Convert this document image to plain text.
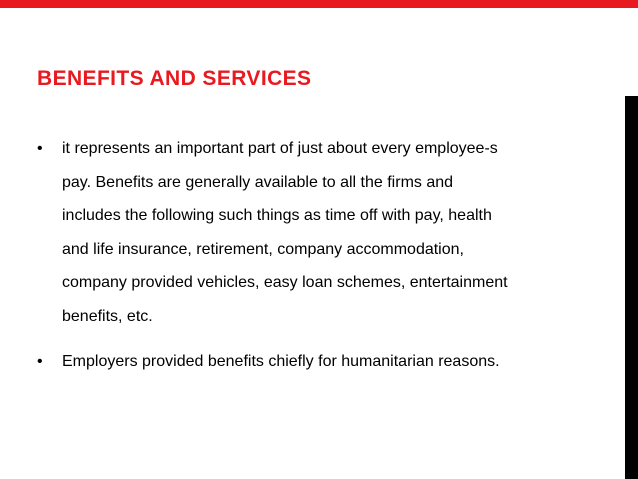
BENEFITS AND SERVICES
• it represents an important part of just about every employee-s
pay. Benefits are generally available to all the firms and
includes the following such things as time off with pay, health
and life insurance, retirement, company accommodation,
company provided vehicles, easy loan schemes, entertainment
benefits, etc.
• Employers provided benefits chiefly for humanitarian reasons.
